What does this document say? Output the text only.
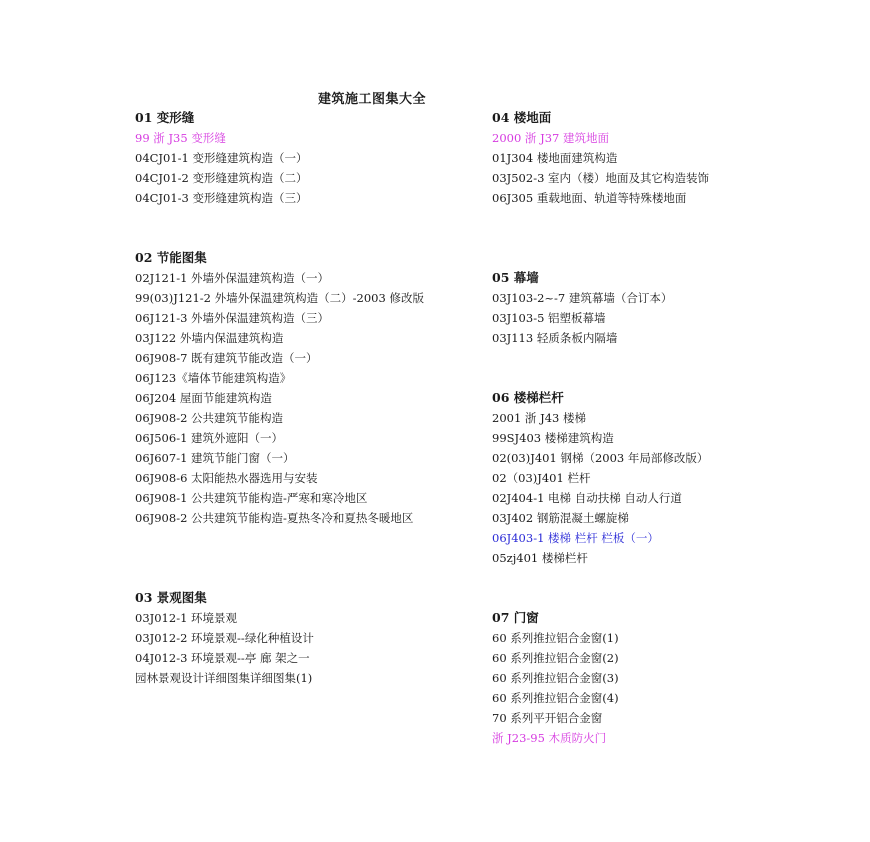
建筑施工图集大全
01 变形缝
99 浙 J35 变形缝
04CJ01-1 变形缝建筑构造（一）
04CJ01-2 变形缝建筑构造（二）
04CJ01-3 变形缝建筑构造（三）
02 节能图集
02J121-1 外墙外保温建筑构造（一）
99(03)J121-2 外墙外保温建筑构造（二）-2003 修改版
06J121-3 外墙外保温建筑构造（三）
03J122 外墙内保温建筑构造
06J908-7 既有建筑节能改造（一）
06J123《墙体节能建筑构造》
06J204 屋面节能建筑构造
06J908-2 公共建筑节能构造
06J506-1 建筑外遮阳（一）
06J607-1 建筑节能门窗（一）
06J908-6 太阳能热水器选用与安装
06J908-1 公共建筑节能构造-严寒和寒冷地区
06J908-2 公共建筑节能构造-夏热冬冷和夏热冬暖地区
03 景观图集
03J012-1 环境景观
03J012-2 环境景观--绿化种植设计
04J012-3 环境景观--亭 廊 架之一
园林景观设计详细图集详细图集(1)
04 楼地面
2000 浙 J37 建筑地面
01J304 楼地面建筑构造
03J502-3 室内（楼）地面及其它构造装饰
06J305 重载地面、轨道等特殊楼地面
05 幕墙
03J103-2~-7 建筑幕墙（合订本）
03J103-5 铝塑板幕墙
03J113 轻质条板内隔墙
06 楼梯栏杆
2001 浙 J43 楼梯
99SJ403 楼梯建筑构造
02(03)J401 钢梯（2003 年局部修改版）
02（03)J401 栏杆
02J404-1 电梯 自动扶梯 自动人行道
03J402 钢筋混凝土螺旋梯
06J403-1 楼梯 栏杆 栏板（一）
05zj401 楼梯栏杆
07 门窗
60 系列推拉铝合金窗(1)
60 系列推拉铝合金窗(2)
60 系列推拉铝合金窗(3)
60 系列推拉铝合金窗(4)
70 系列平开铝合金窗
浙 J23-95 木质防火门
